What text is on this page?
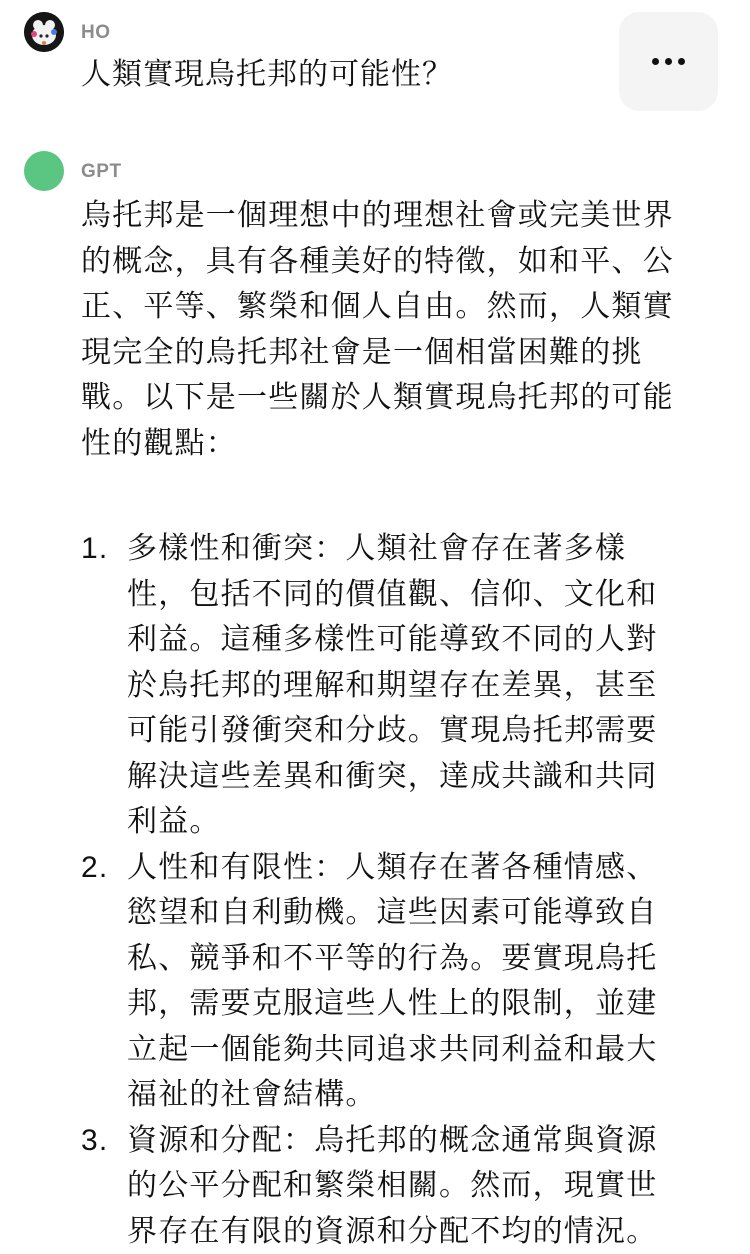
HO
人類實現烏托邦的可能性？
GPT

烏托邦是一個理想中的理想社會或完美世界的概念，具有各種美好的特徵，如和平、公正、平等、繁榮和個人自由。然而，人類實現完全的烏托邦社會是一個相當困難的挑戰。以下是一些關於人類實現烏托邦的可能性的觀點：

1. 多樣性和衝突：人類社會存在著多樣性，包括不同的價值觀、信仰、文化和利益。這種多樣性可能導致不同的人對於烏托邦的理解和期望存在差異，甚至可能引發衝突和分歧。實現烏托邦需要解決這些差異和衝突，達成共識和共同利益。
2. 人性和有限性：人類存在著各種情感、慾望和自利動機。這些因素可能導致自私、競爭和不平等的行為。要實現烏托邦，需要克服這些人性上的限制，並建立起一個能夠共同追求共同利益和最大福祉的社會結構。
3. 資源和分配：烏托邦的概念通常與資源的公平分配和繁榮相關。然而，現實世界存在有限的資源和分配不均的情況。
